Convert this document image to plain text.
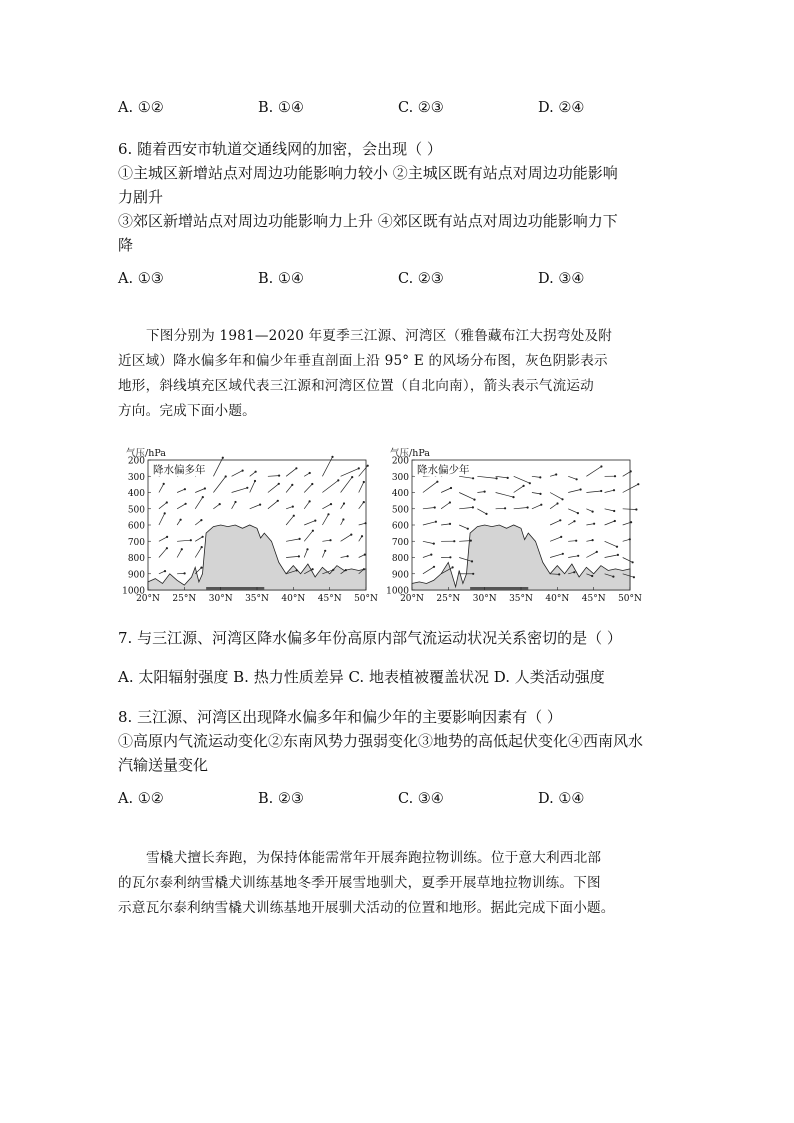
A. ①②	B. ①④	C. ②③	D. ②④
6. 随着西安市轨道交通线网的加密，会出现（ ）
①主城区新增站点对周边功能影响力较小 ②主城区既有站点对周边功能影响
力剧升
③郊区新增站点对周边功能影响力上升 ④郊区既有站点对周边功能影响力下
降
A. ①③	B. ①④	C. ②③	D. ③④
下图分别为 1981—2020 年夏季三江源、河湾区（雅鲁藏布江大拐弯处及附
近区域）降水偏多年和偏少年垂直剖面上沿 95° E 的风场分布图，灰色阴影表示
地形，斜线填充区域代表三江源和河湾区位置（自北向南），箭头表示气流运动
方向。完成下面小题。
200
300
400
500
600
700
800
900
1000
20°N 25°N 30°N 35°N 40°N 45°N 50°N
气压/hPa
降水偏多年
200
300
400
500
600
700
800
900
1000
20°N 25°N 30°N 35°N 40°N 45°N 50°N
气压/hPa
降水偏少年
7. 与三江源、河湾区降水偏多年份高原内部气流运动状况关系密切的是（ ）
A. 太阳辐射强度 B. 热力性质差异 C. 地表植被覆盖状况 D. 人类活动强度
8. 三江源、河湾区出现降水偏多年和偏少年的主要影响因素有（ ）
①高原内气流运动变化②东南风势力强弱变化③地势的高低起伏变化④西南风水
汽输送量变化
A. ①②	B. ②③	C. ③④	D. ①④
雪橇犬擅长奔跑，为保持体能需常年开展奔跑拉物训练。位于意大利西北部
的瓦尔泰利纳雪橇犬训练基地冬季开展雪地驯犬，夏季开展草地拉物训练。下图
示意瓦尔泰利纳雪橇犬训练基地开展驯犬活动的位置和地形。据此完成下面小题。
